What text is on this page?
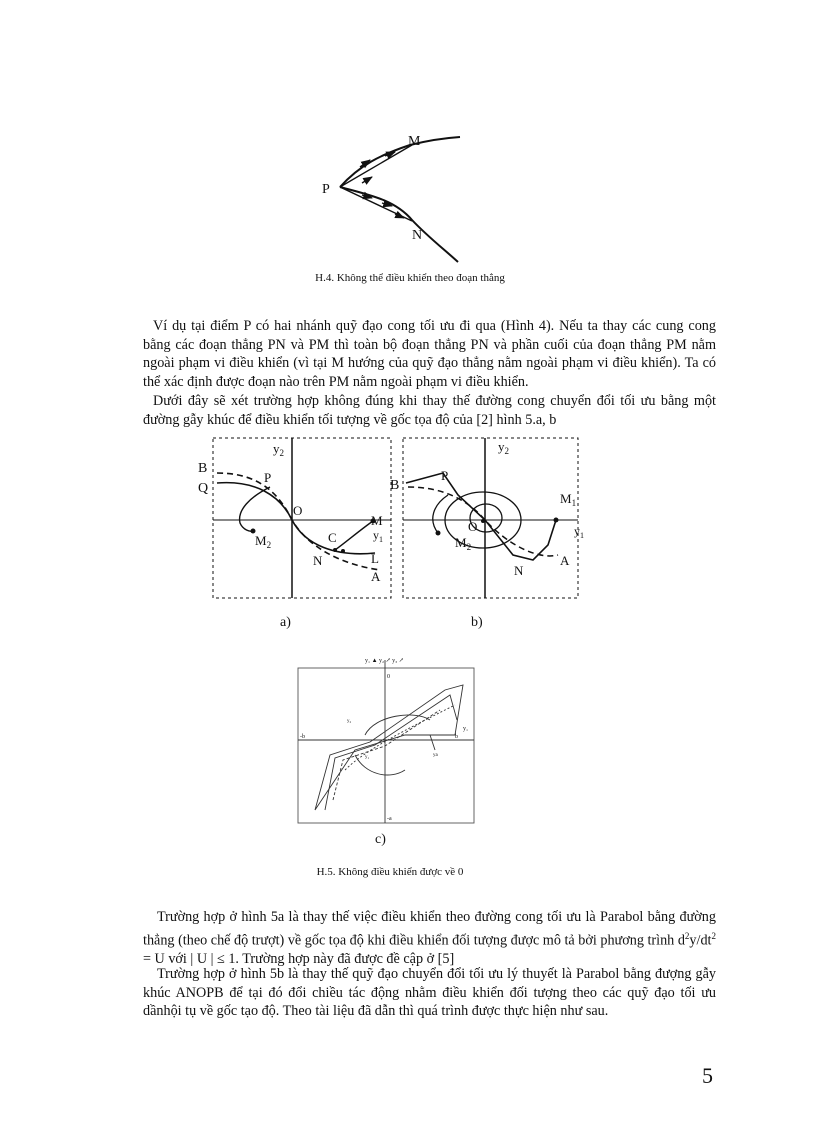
M
P
N
H.4. Không thể điều khiển theo đoạn thẳng

Ví dụ tại điểm P có hai nhánh quỹ đạo cong tối ưu đi qua (Hình 4). Nếu ta thay các cung cong bằng các đoạn thẳng PN và PM thì toàn bộ đoạn thẳng PN và phần cuối của đoạn thẳng PM nằm ngoài phạm vi điều khiển (vì tại M hướng của quỹ đạo thẳng nằm ngoài phạm vi điều khiển). Ta có thể xác định được đoạn nào trên PM nằm ngoài phạm vi điều khiển.

Dưới đây sẽ xét trường hợp không đúng khi thay thế đường cong chuyển đổi tối ưu bằng một đường gẫy khúc để điều khiển tối tượng về gốc tọa độ của [2] hình 5.a, b

$y_2$
B
Q
P
O
M
$y_1$
$M_2$	C
N	L
A
$y_2$
B
P
$M_1$
$y_1$
O
$M_2$
A
N
a)	b)
y₁ ▲ y₂ ↗ y₃ ↗
0
-b	b
y₁
-a
y₂
y₁	ya
c)
H.5. Không điều khiển được về 0

Trường hợp ở hình 5a là thay thế việc điều khiển theo đường cong tối ưu là Parabol bằng đường thẳng (theo chế độ trượt) về gốc tọa độ khi điều khiển đối tượng được mô tả bởi phương trình $d^2y/dt^2 = U$ với | U | ≤ 1. Trường hợp này đã được đề cập ở [5]

Trường hợp ở hình 5b là thay thế quỹ đạo chuyển đổi tối ưu lý thuyết là Parabol bằng đượng gẫy khúc ANOPB để tại đó đổi chiều tác động nhằm điều khiển đối tượng theo các quỹ đạo tối ưu dầnhội tụ về gốc tạo độ. Theo tài liệu đã dẫn thì quá trình được thực hiện như sau.

5
